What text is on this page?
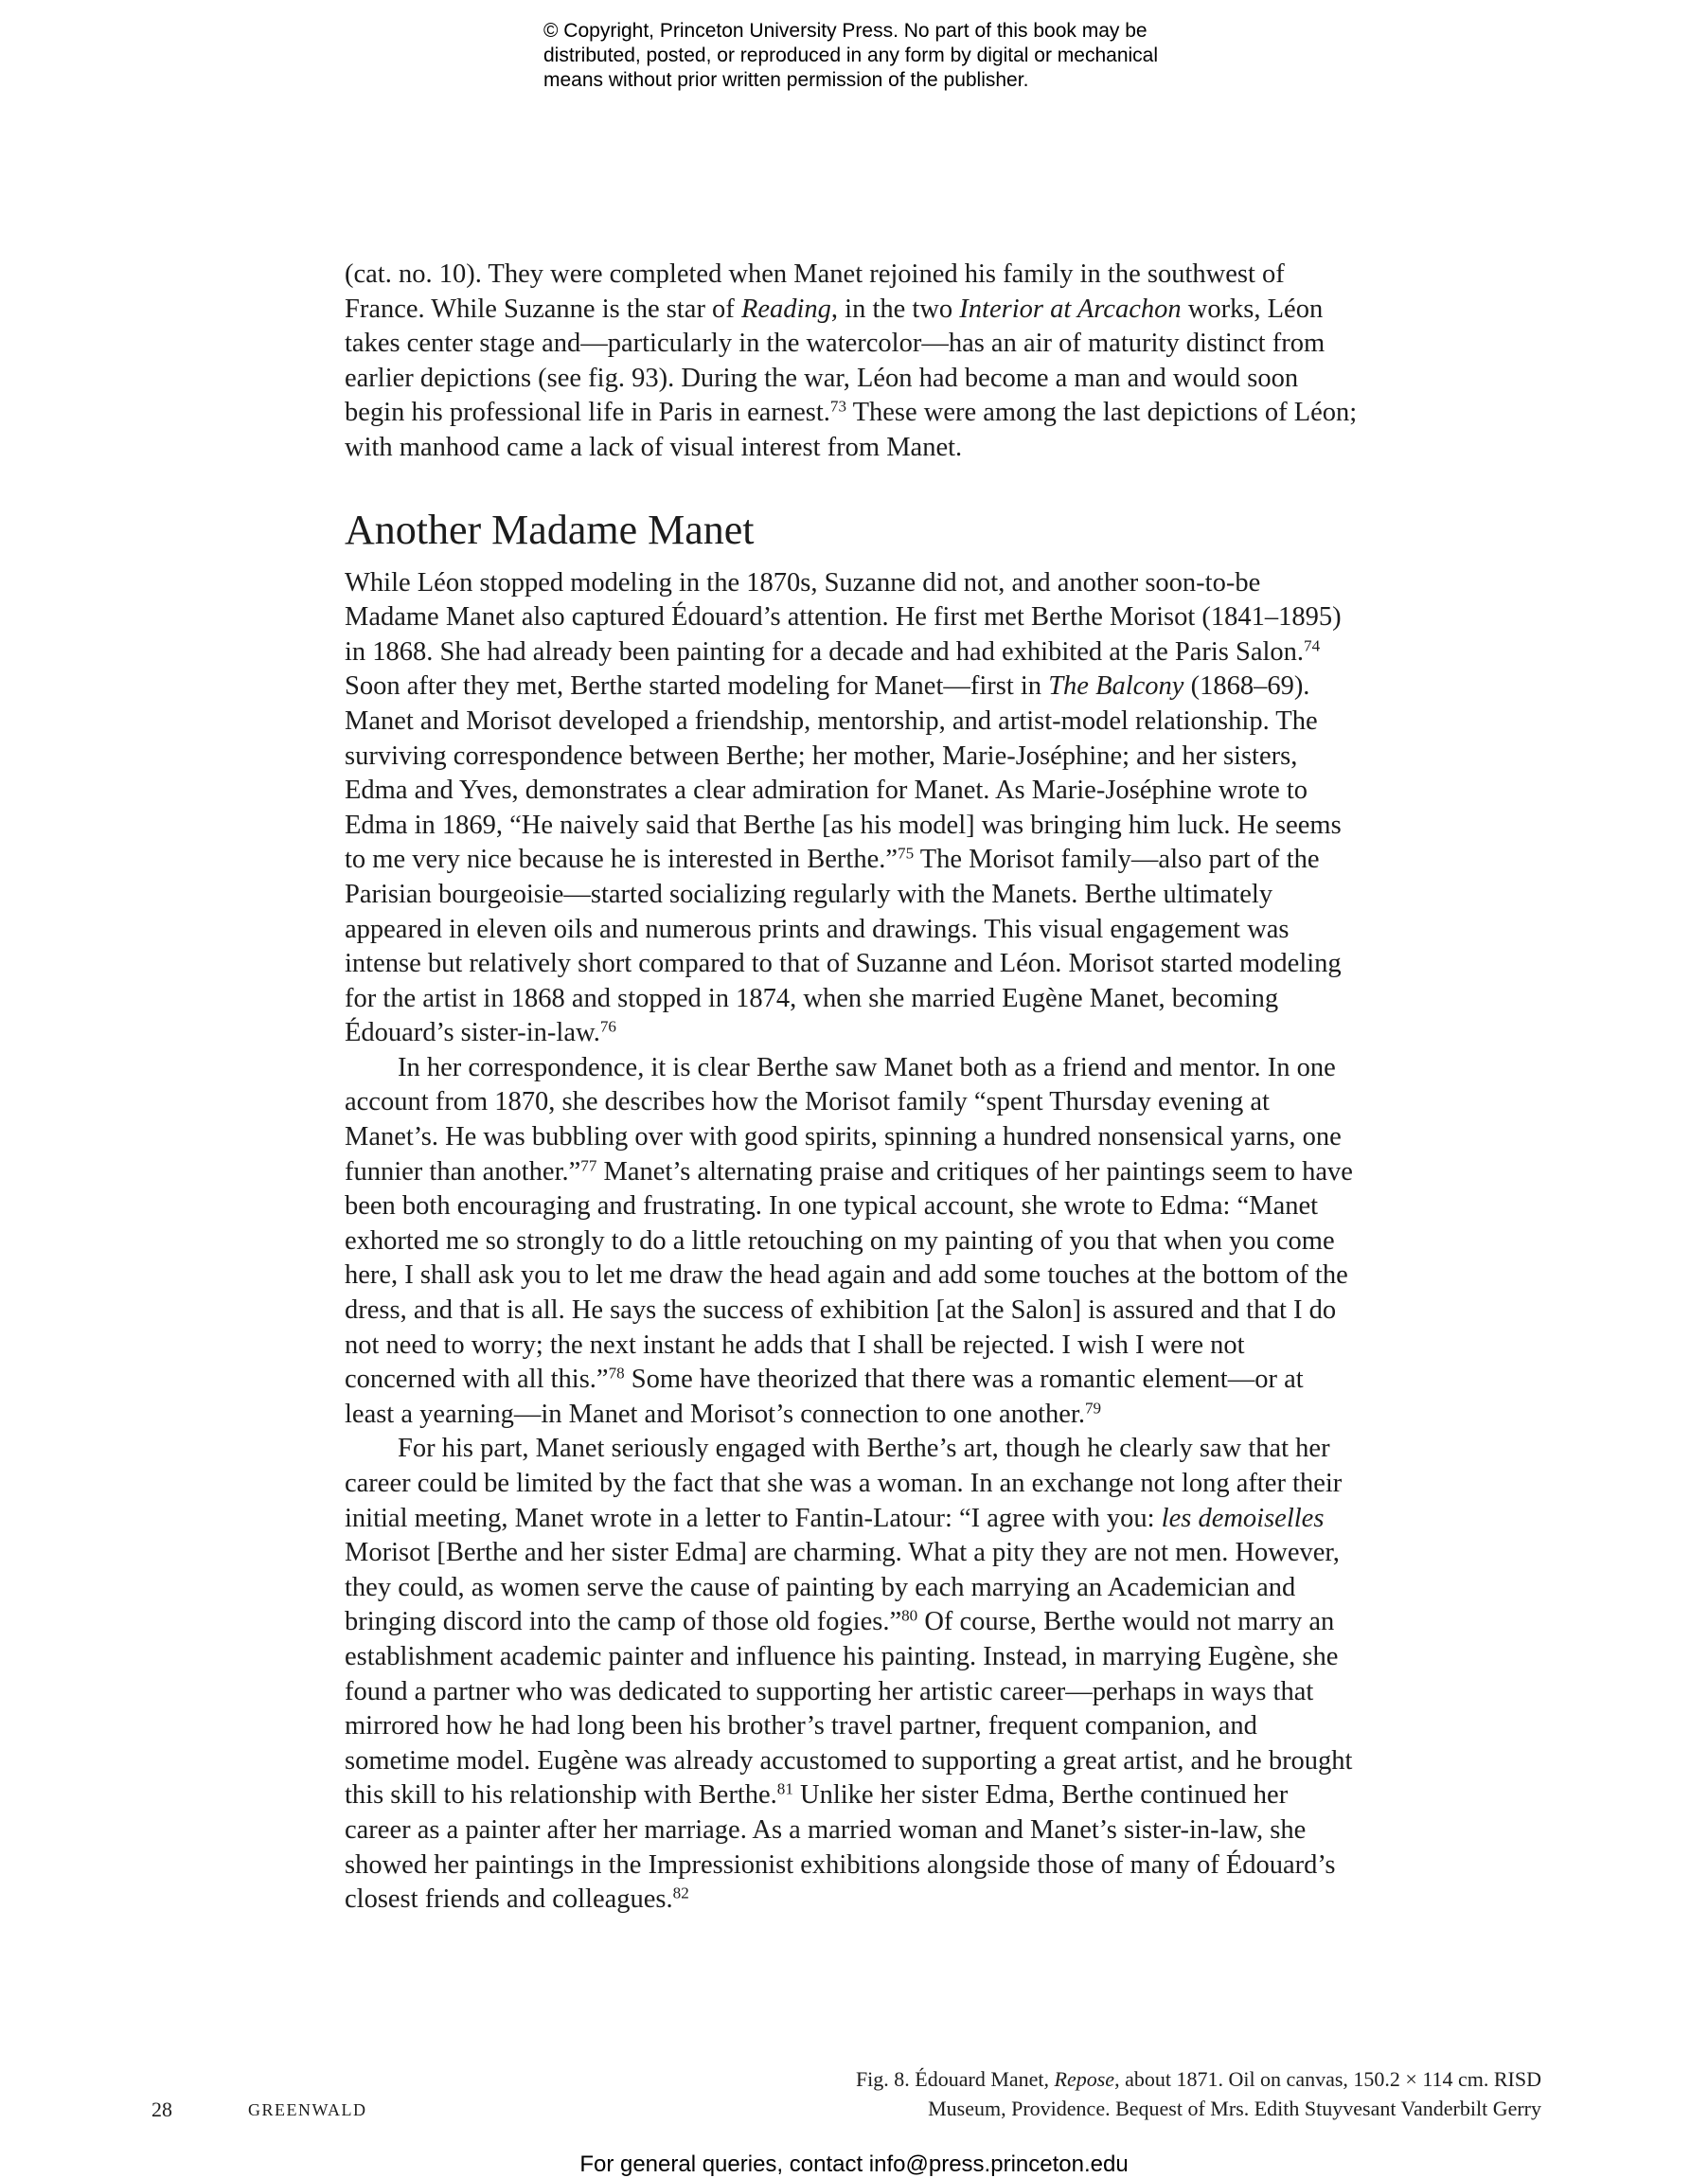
© Copyright, Princeton University Press. No part of this book may be
distributed, posted, or reproduced in any form by digital or mechanical
means without prior written permission of the publisher.

(cat. no. 10). They were completed when Manet rejoined his family in the southwest of France. While Suzanne is the star of Reading, in the two Interior at Arcachon works, Léon takes center stage and—particularly in the watercolor—has an air of maturity distinct from earlier depictions (see fig. 93). During the war, Léon had become a man and would soon begin his professional life in Paris in earnest.$^{73}$ These were among the last depictions of Léon; with manhood came a lack of visual interest from Manet.

Another Madame Manet

While Léon stopped modeling in the 1870s, Suzanne did not, and another soon-to-be Madame Manet also captured Édouard’s attention. He first met Berthe Morisot (1841–1895) in 1868. She had already been painting for a decade and had exhibited at the Paris Salon.$^{74}$ Soon after they met, Berthe started modeling for Manet—first in The Balcony (1868–69). Manet and Morisot developed a friendship, mentorship, and artist-model relationship. The surviving correspondence between Berthe; her mother, Marie-Joséphine; and her sisters, Edma and Yves, demonstrates a clear admiration for Manet. As Marie-Joséphine wrote to Edma in 1869, “He naively said that Berthe [as his model] was bringing him luck. He seems to me very nice because he is interested in Berthe.”$^{75}$ The Morisot family—also part of the Parisian bourgeoisie—started socializing regularly with the Manets. Berthe ultimately appeared in eleven oils and numerous prints and drawings. This visual engagement was intense but relatively short compared to that of Suzanne and Léon. Morisot started modeling for the artist in 1868 and stopped in 1874, when she married Eugène Manet, becoming Édouard’s sister-in-law.$^{76}$

In her correspondence, it is clear Berthe saw Manet both as a friend and mentor. In one account from 1870, she describes how the Morisot family “spent Thursday evening at Manet’s. He was bubbling over with good spirits, spinning a hundred nonsensical yarns, one funnier than another.”$^{77}$ Manet’s alternating praise and critiques of her paintings seem to have been both encouraging and frustrating. In one typical account, she wrote to Edma: “Manet exhorted me so strongly to do a little retouching on my painting of you that when you come here, I shall ask you to let me draw the head again and add some touches at the bottom of the dress, and that is all. He says the success of exhibition [at the Salon] is assured and that I do not need to worry; the next instant he adds that I shall be rejected. I wish I were not concerned with all this.”$^{78}$ Some have theorized that there was a romantic element—or at least a yearning—in Manet and Morisot’s connection to one another.$^{79}$

For his part, Manet seriously engaged with Berthe’s art, though he clearly saw that her career could be limited by the fact that she was a woman. In an exchange not long after their initial meeting, Manet wrote in a letter to Fantin-Latour: “I agree with you: les demoiselles Morisot [Berthe and her sister Edma] are charming. What a pity they are not men. However, they could, as women serve the cause of painting by each marrying an Academician and bringing discord into the camp of those old fogies.”$^{80}$ Of course, Berthe would not marry an establishment academic painter and influence his painting. Instead, in marrying Eugène, she found a partner who was dedicated to supporting her artistic career—perhaps in ways that mirrored how he had long been his brother’s travel partner, frequent companion, and sometime model. Eugène was already accustomed to supporting a great artist, and he brought this skill to his relationship with Berthe.$^{81}$ Unlike her sister Edma, Berthe continued her career as a painter after her marriage. As a married woman and Manet’s sister-in-law, she showed her paintings in the Impressionist exhibitions alongside those of many of Édouard’s closest friends and colleagues.$^{82}$

28	GREENWALD
Fig. 8. Édouard Manet, Repose, about 1871. Oil on canvas, 150.2 × 114 cm. RISD Museum, Providence. Bequest of Mrs. Edith Stuyvesant Vanderbilt Gerry
For general queries, contact info@press.princeton.edu
